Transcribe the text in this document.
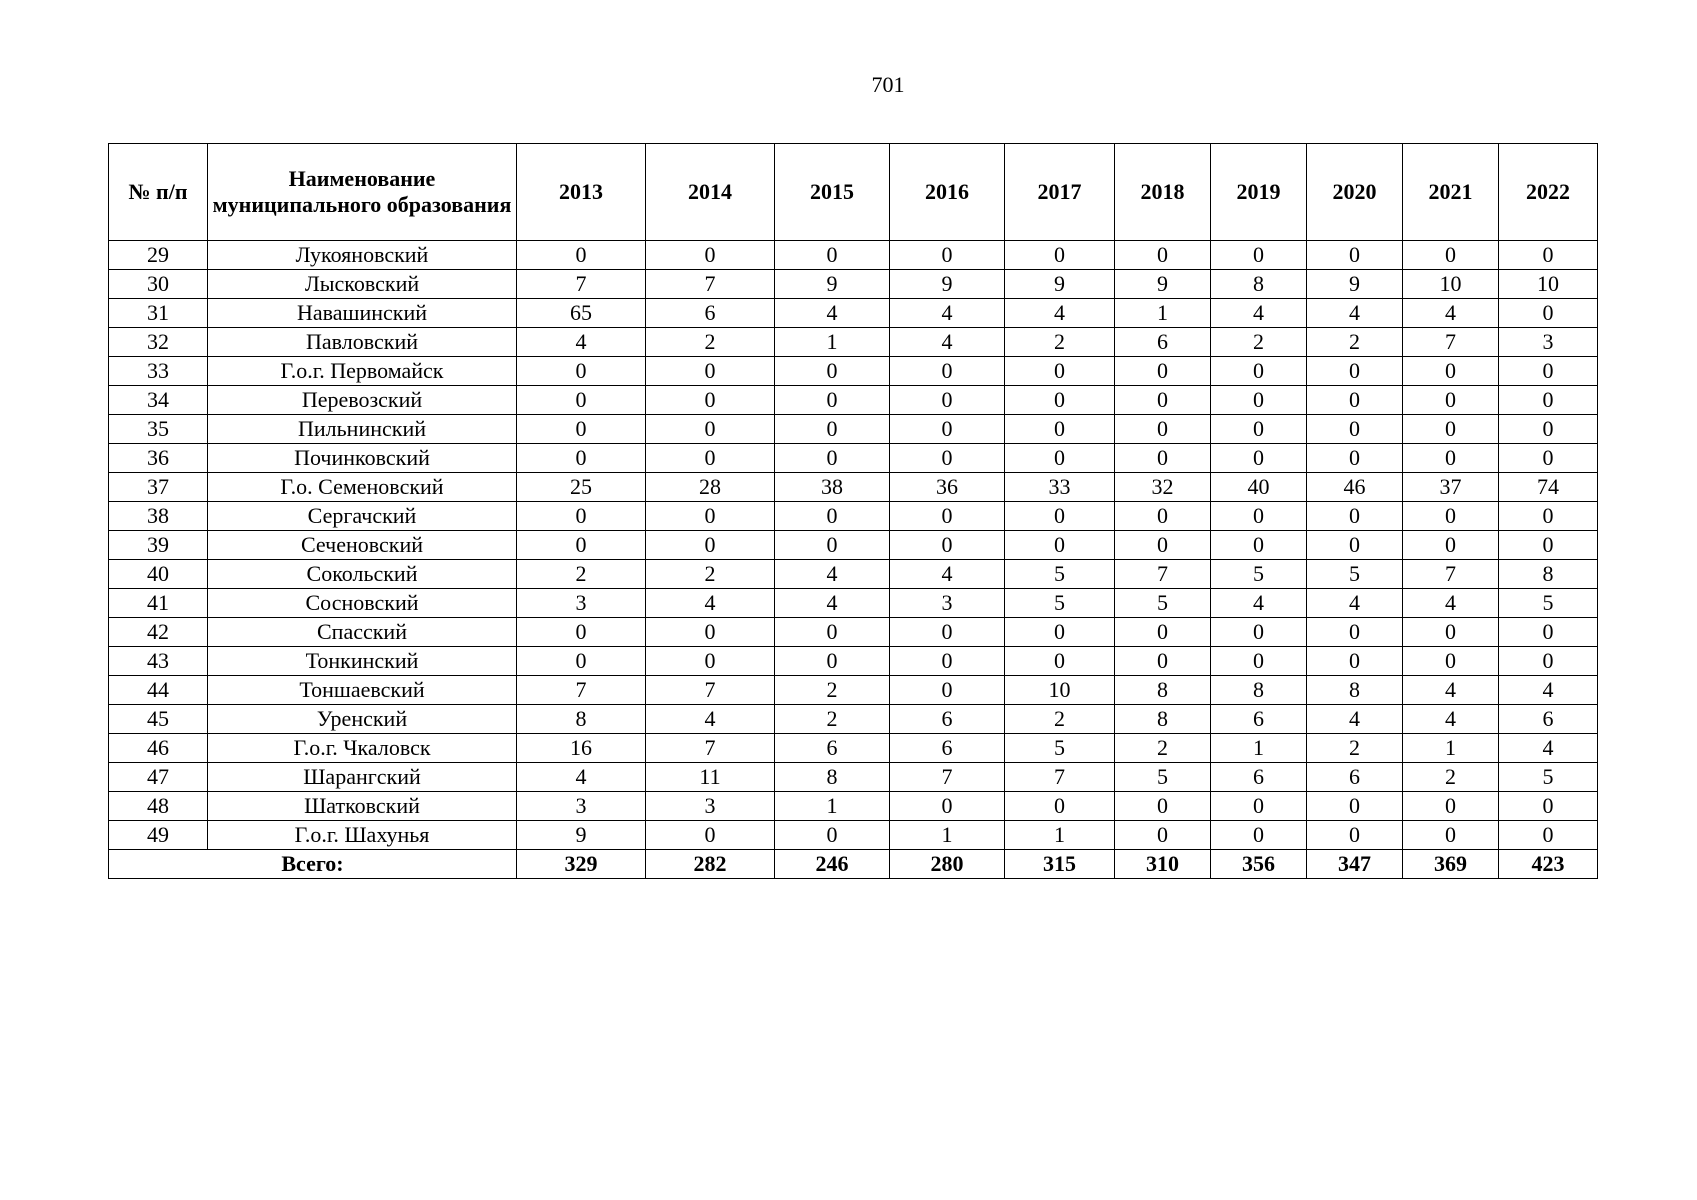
701
№ п/п	Наименование муниципального образования	2013	2014	2015	2016	2017	2018	2019	2020	2021	2022
29	Лукояновский	0	0	0	0	0	0	0	0	0	0
30	Лысковский	7	7	9	9	9	9	8	9	10	10
31	Навашинский	65	6	4	4	4	1	4	4	4	0
32	Павловский	4	2	1	4	2	6	2	2	7	3
33	Г.о.г. Первомайск	0	0	0	0	0	0	0	0	0	0
34	Перевозский	0	0	0	0	0	0	0	0	0	0
35	Пильнинский	0	0	0	0	0	0	0	0	0	0
36	Починковский	0	0	0	0	0	0	0	0	0	0
37	Г.о. Семеновский	25	28	38	36	33	32	40	46	37	74
38	Сергачский	0	0	0	0	0	0	0	0	0	0
39	Сеченовский	0	0	0	0	0	0	0	0	0	0
40	Сокольский	2	2	4	4	5	7	5	5	7	8
41	Сосновский	3	4	4	3	5	5	4	4	4	5
42	Спасский	0	0	0	0	0	0	0	0	0	0
43	Тонкинский	0	0	0	0	0	0	0	0	0	0
44	Тоншаевский	7	7	2	0	10	8	8	8	4	4
45	Уренский	8	4	2	6	2	8	6	4	4	6
46	Г.о.г. Чкаловск	16	7	6	6	5	2	1	2	1	4
47	Шарангский	4	11	8	7	7	5	6	6	2	5
48	Шатковский	3	3	1	0	0	0	0	0	0	0
49	Г.о.г. Шахунья	9	0	0	1	1	0	0	0	0	0
Всего:		329	282	246	280	315	310	356	347	369	423
